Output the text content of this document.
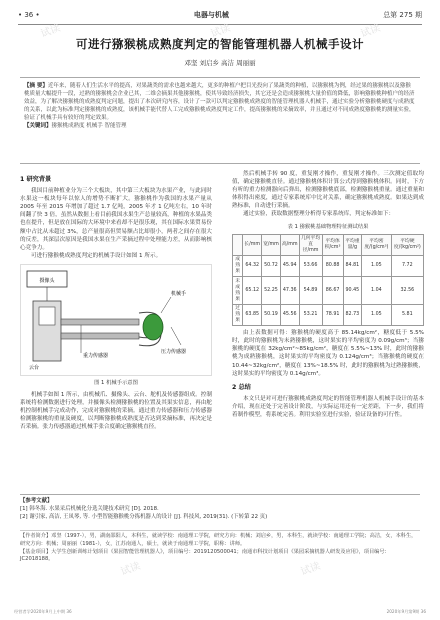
• 36 •	电器与机械	总第 275 期
可进行猕猴桃成熟度判定的智能管理机器人机械手设计
邓坚 刘启乡 高洁 周丽丽
【摘 要】近年来，随着人们生活水平的提高，对果蔬类的需求也越来越大，更多的种植户把目光投向了果蔬类的种植，以猕猴桃为例，经过果的猕猴桃以及猕猴桃质量大幅提升一段，过熟的猕猴桃会企业已其，二维会摘果其他猕猴桃，使其导致经济损失，其它还是会造成猕猴桃大量价值的降低，影响猕猴桃种植户的经济效益，为了解决猕猴桃的成熟度判定问题，提出了本次研究内容，设计了一款可以判定猕猴桃成熟度的智能管理机器人机械手，通过实验分析猕猴桃硬度与成熟度的关系，以此为标准判定猕猴桃的成熟度，该机械手能代替人工完成猕猴桃成熟度判定工作，提高猕猴桃的采摘效率，并且通过对不同成熟度猕猴桃的测量实验，验证了机械手具有较好的判定效果。
【关键词】猕猴桃成熟度 机械手 智能管理
1 研究背景

我国目前种植业分为三个大板块，其中第三大板块为水果产业，与此同时水果这一板块每年以惊人的增势不断扩大。猕猴桃作为我国的水果产量从 2005 年至 2015 年增加了超过 1.7 亿吨，2005 年才 1 亿吨左右，10 年时间翻了快 3 倍，虽然从数据上看目前我国水果生产总量较高，种植的水果品类也在提升，但是放在国际的大环境中来看却不是很乐观，其在国际水果贸易份额中占比从未超过 3%，总产量很高但贸易额占比却很小，两者之间存在很大的反差，其深层次原因是我国水果在生产采摘过程中处理能力差，从而影响核心竞争力。

可进行猕猴桃成熟度判定的机械手设计如图 1 所示。

摄像头
重力传感器
压力传感器
机械手
云台
图 1 机械手示意图

机械手如图 1 所示，由机械爪、摄像头、云台、舵机及传感器组成。控制系统将检测数据进行处理，并摄像头检测猕猴桃的位置及其果实信息，再由舵机控制机械手完成动作，完成对猕猴桃的采摘。通过重力传感器和压力传感器检测猕猴桃的重量及硬度，以判断猕猴桃成熟度是否达到采摘标准，再决定是否采摘。张力传感器通过机械手张合度确定猕猴桃直径。

然后机械手转 90 度，重复刚才操作，重复刚才操作。三次测定值取均值，确定猕猴桃直径。通过猕猴桃体积计算公式得到猕猴桃体积。同时，下方有听的重力检测器向后弹出，检测猕猴桃底部，检测猕猴桃重量。通过重量和体积得出密度，通过专家系统库中比对关系，确定猕猴桃成熟度。如果达到成熟标准，自动进行采摘。

通过实验，获取数据整理分析得专家系统库，判定标准如下：

表 1 猕猴桃基础物理特征测试结果
	长/mm	宽/mm	高/mm	几何平均直径/mm	平均体积/cm³	平均重量/g	平均密度/(g/cm³)	平均硬度/(kg/cm²)
成熟果	64.32	50.72	45.94	53.66	80.88	84.81	1.05	7.72
未成熟果	65.12	52.25	47.36	54.89	86.67	90.45	1.04	32.56
过熟果	63.85	50.19	45.56	53.21	78.91	82.73	1.05	5.81

由上表数据可得：猕猴桃的硬度高于 85.14kg/cm²，糖度低于 5.5% 时，此时的猕猴桃为未熟猕猴桃，这时果实的平均密度为 0.09g/cm³；当猕猴桃的硬度在 32kg/cm²~85kg/cm²，糖度在 5.5%~13% 时，此时的猕猴桃为成熟猕猴桃，这时果实的平均密度为 0.124g/cm³；当猕猴桃的硬度在 10.44~32kg/cm²，糖度在 13%~18.5% 时，此时的猕猴桃为过熟猕猴桃，这时果实的平均密度为 0.14g/cm³。

2 总结

本文只是对可进行猕猴桃成熟度判定的智能管理机器人机械手设计的基本介绍，现在还处于完善设计阶段，与实际运用还有一定差距，下一步，我们将着制作模型，将系统完善。利用实验室进行实验，验证设备的可行性。

【参考文献】
[1] 韩冬海. 水果采后机械化分选关键技术研究 [D]. 2018.
[2] 谢引家, 高洁, 王凤琴, 等. 小型智能猕猴桃分拣机器人的设计 [J]. 科技风, 2019(31). (下转第 22 页)
【作者简介】邓坚（1997-），男，湖南邵阳人，本科生，就读学校：南通理工学院，研究方向：机械；刘启乡，男，本科生，就读学校：南通理工学院；高洁，女，本科生，研究方向：机械；周丽丽（1981-），女，江苏南通人，硕士，就读于南通理工学院，职称：讲师。
【基金项目】大学生创新训练计划项目《果园智能管理机器人》，项目编号：2019120500041；南通市科技计划项目《果园采摘机器人研发及应用》，项目编号：JC2018188。
经营者学2020年9月上中期 36	2020年9月第9期 36
试读	试读	试读
试读	试读
